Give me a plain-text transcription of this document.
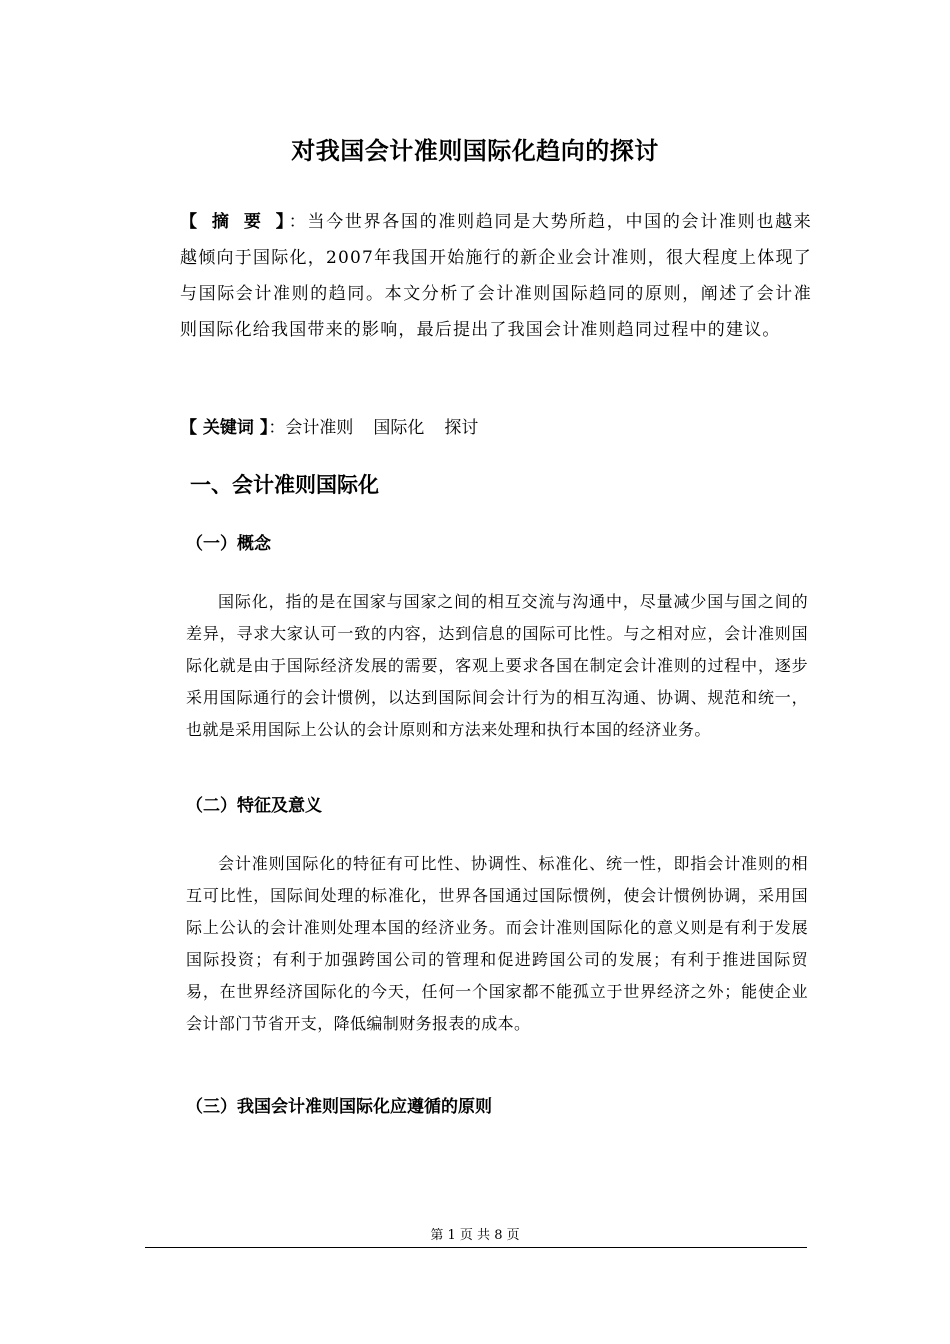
对我国会计准则国际化趋向的探讨
【 摘 要 】：当今世界各国的准则趋同是大势所趋，中国的会计准则也越来越倾向于国际化，2007年我国开始施行的新企业会计准则，很大程度上体现了与国际会计准则的趋同。本文分析了会计准则国际趋同的原则，阐述了会计准则国际化给我国带来的影响，最后提出了我国会计准则趋同过程中的建议。
【 关键词 】：会计准则 国际化 探讨
一、会计准则国际化
（一）概念
国际化，指的是在国家与国家之间的相互交流与沟通中，尽量减少国与国之间的差异，寻求大家认可一致的内容，达到信息的国际可比性。与之相对应，会计准则国际化就是由于国际经济发展的需要，客观上要求各国在制定会计准则的过程中，逐步采用国际通行的会计惯例，以达到国际间会计行为的相互沟通、协调、规范和统一，也就是采用国际上公认的会计原则和方法来处理和执行本国的经济业务。
（二）特征及意义
会计准则国际化的特征有可比性、协调性、标准化、统一性，即指会计准则的相互可比性，国际间处理的标准化，世界各国通过国际惯例，使会计惯例协调，采用国际上公认的会计准则处理本国的经济业务。而会计准则国际化的意义则是有利于发展国际投资；有利于加强跨国公司的管理和促进跨国公司的发展；有利于推进国际贸易，在世界经济国际化的今天，任何一个国家都不能孤立于世界经济之外；能使企业会计部门节省开支，降低编制财务报表的成本。
（三）我国会计准则国际化应遵循的原则
第 1 页 共 8 页
